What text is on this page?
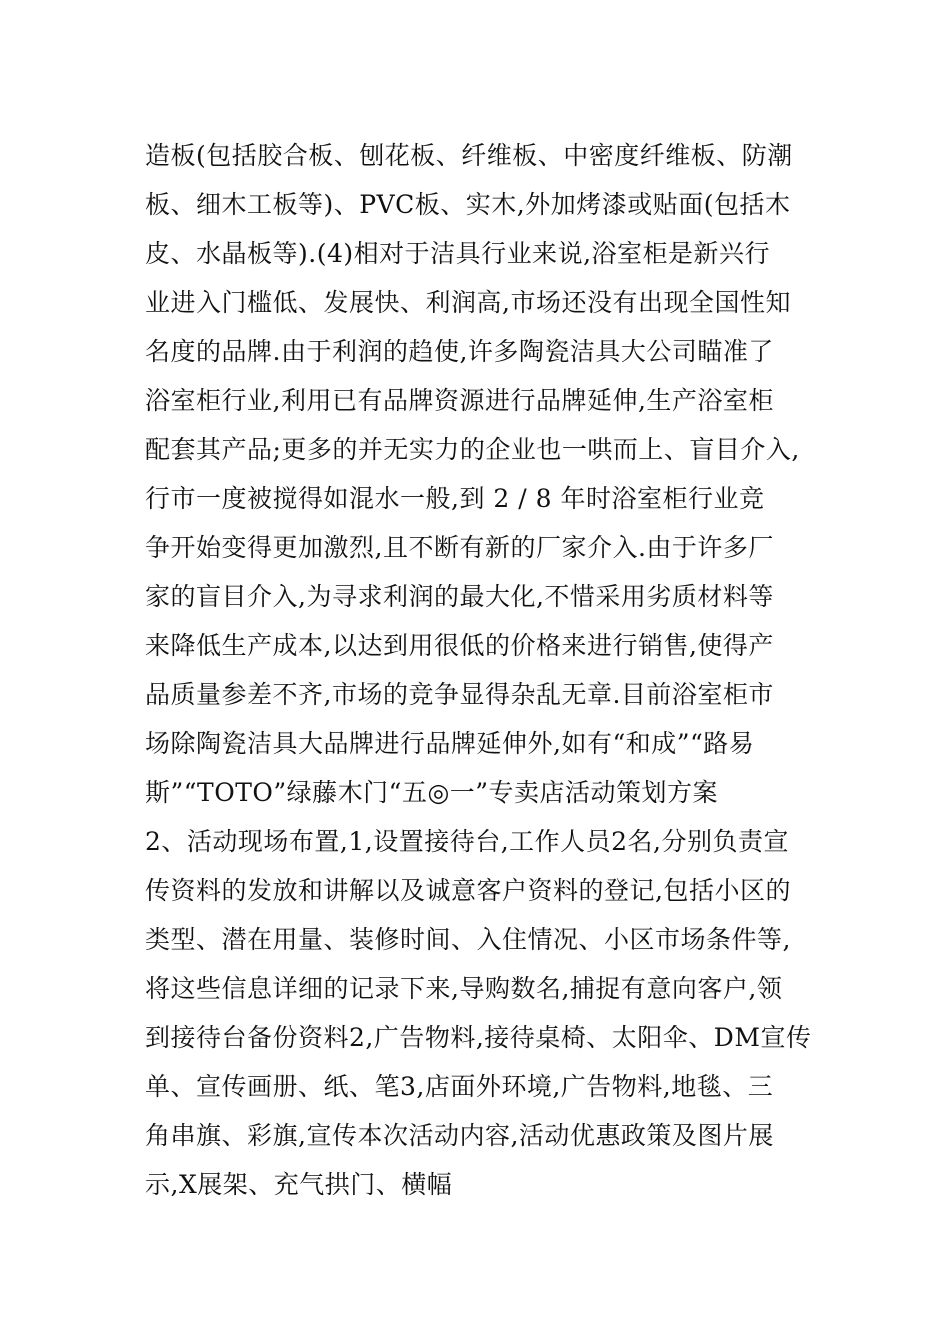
造板(包括胶合板、刨花板、纤维板、中密度纤维板、防潮
板、细木工板等)、PVC板、实木,外加烤漆或贴面(包括木
皮、水晶板等).(4)相对于洁具行业来说,浴室柜是新兴行
业进入门槛低、发展快、利润高,市场还没有出现全国性知
名度的品牌.由于利润的趋使,许多陶瓷洁具大公司瞄准了
浴室柜行业,利用已有品牌资源进行品牌延伸,生产浴室柜
配套其产品;更多的并无实力的企业也一哄而上、盲目介入,
行市一度被搅得如混水一般,到 2 / 8 年时浴室柜行业竞
争开始变得更加激烈,且不断有新的厂家介入.由于许多厂
家的盲目介入,为寻求利润的最大化,不惜采用劣质材料等
来降低生产成本,以达到用很低的价格来进行销售,使得产
品质量参差不齐,市场的竞争显得杂乱无章.目前浴室柜市
场除陶瓷洁具大品牌进行品牌延伸外,如有“和成”“路易
斯”“TOTO”绿藤木门“五◎一”专卖店活动策划方案
2、活动现场布置,1,设置接待台,工作人员2名,分别负责宣
传资料的发放和讲解以及诚意客户资料的登记,包括小区的
类型、潜在用量、装修时间、入住情况、小区市场条件等,
将这些信息详细的记录下来,导购数名,捕捉有意向客户,领
到接待台备份资料2,广告物料,接待桌椅、太阳伞、DM宣传
单、宣传画册、纸、笔3,店面外环境,广告物料,地毯、三
角串旗、彩旗,宣传本次活动内容,活动优惠政策及图片展
示,X展架、充气拱门、横幅
